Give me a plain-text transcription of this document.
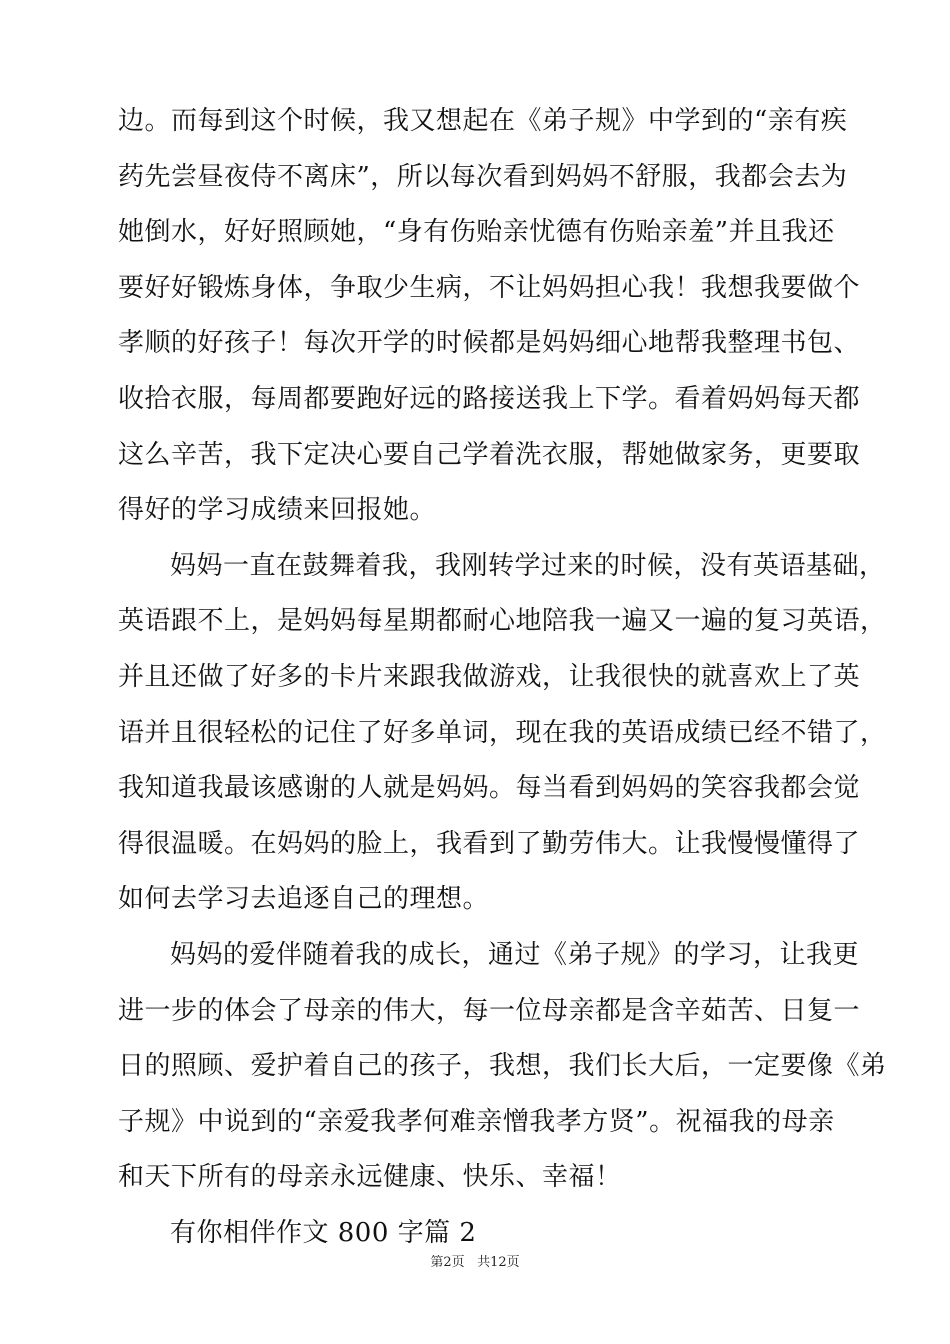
边。而每到这个时候，我又想起在《弟子规》中学到的“亲有疾
药先尝昼夜侍不离床”，所以每次看到妈妈不舒服，我都会去为
她倒水，好好照顾她，“身有伤贻亲忧德有伤贻亲羞”并且我还
要好好锻炼身体，争取少生病，不让妈妈担心我！我想我要做个
孝顺的好孩子！每次开学的时候都是妈妈细心地帮我整理书包、
收拾衣服，每周都要跑好远的路接送我上下学。看着妈妈每天都
这么辛苦，我下定决心要自己学着洗衣服，帮她做家务，更要取
得好的学习成绩来回报她。
妈妈一直在鼓舞着我，我刚转学过来的时候，没有英语基础，
英语跟不上，是妈妈每星期都耐心地陪我一遍又一遍的复习英语，
并且还做了好多的卡片来跟我做游戏，让我很快的就喜欢上了英
语并且很轻松的记住了好多单词，现在我的英语成绩已经不错了，
我知道我最该感谢的人就是妈妈。每当看到妈妈的笑容我都会觉
得很温暖。在妈妈的脸上，我看到了勤劳伟大。让我慢慢懂得了
如何去学习去追逐自己的理想。
妈妈的爱伴随着我的成长，通过《弟子规》的学习，让我更
进一步的体会了母亲的伟大，每一位母亲都是含辛茹苦、日复一
日的照顾、爱护着自己的孩子，我想，我们长大后，一定要像《弟
子规》中说到的“亲爱我孝何难亲憎我孝方贤”。祝福我的母亲
和天下所有的母亲永远健康、快乐、幸福！
有你相伴作文 800 字篇 2
第2页 共12页
